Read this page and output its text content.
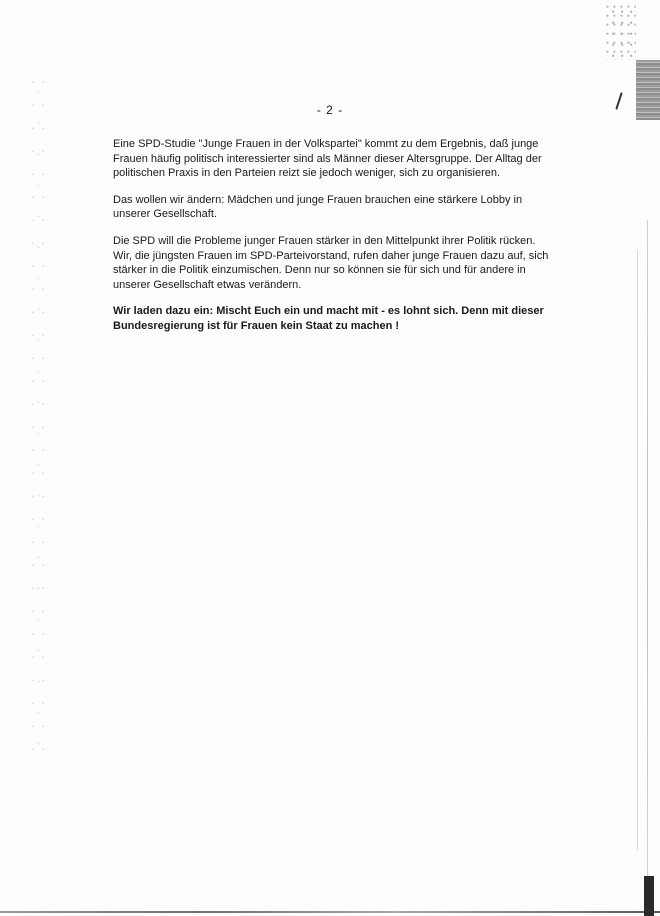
- 2 -

Eine SPD-Studie "Junge Frauen in der Volkspartei" kommt zu dem Ergebnis, daß junge Frauen häufig politisch interessierter sind als Männer dieser Altersgruppe. Der Alltag der politischen Praxis in den Parteien reizt sie jedoch weniger, sich zu organisieren.

Das wollen wir ändern: Mädchen und junge Frauen brauchen eine stärkere Lobby in unserer Gesellschaft.

Die SPD will die Probleme junger Frauen stärker in den Mittelpunkt ihrer Politik rücken. Wir, die jüngsten Frauen im SPD-Parteivorstand, rufen daher junge Frauen dazu auf, sich stärker in die Politik einzumischen. Denn nur so können sie für sich und für andere in unserer Gesellschaft etwas verändern.

Wir laden dazu ein: Mischt Euch ein und macht mit - es lohnt sich. Denn mit dieser Bundesregierung ist für Frauen kein Staat zu machen !
